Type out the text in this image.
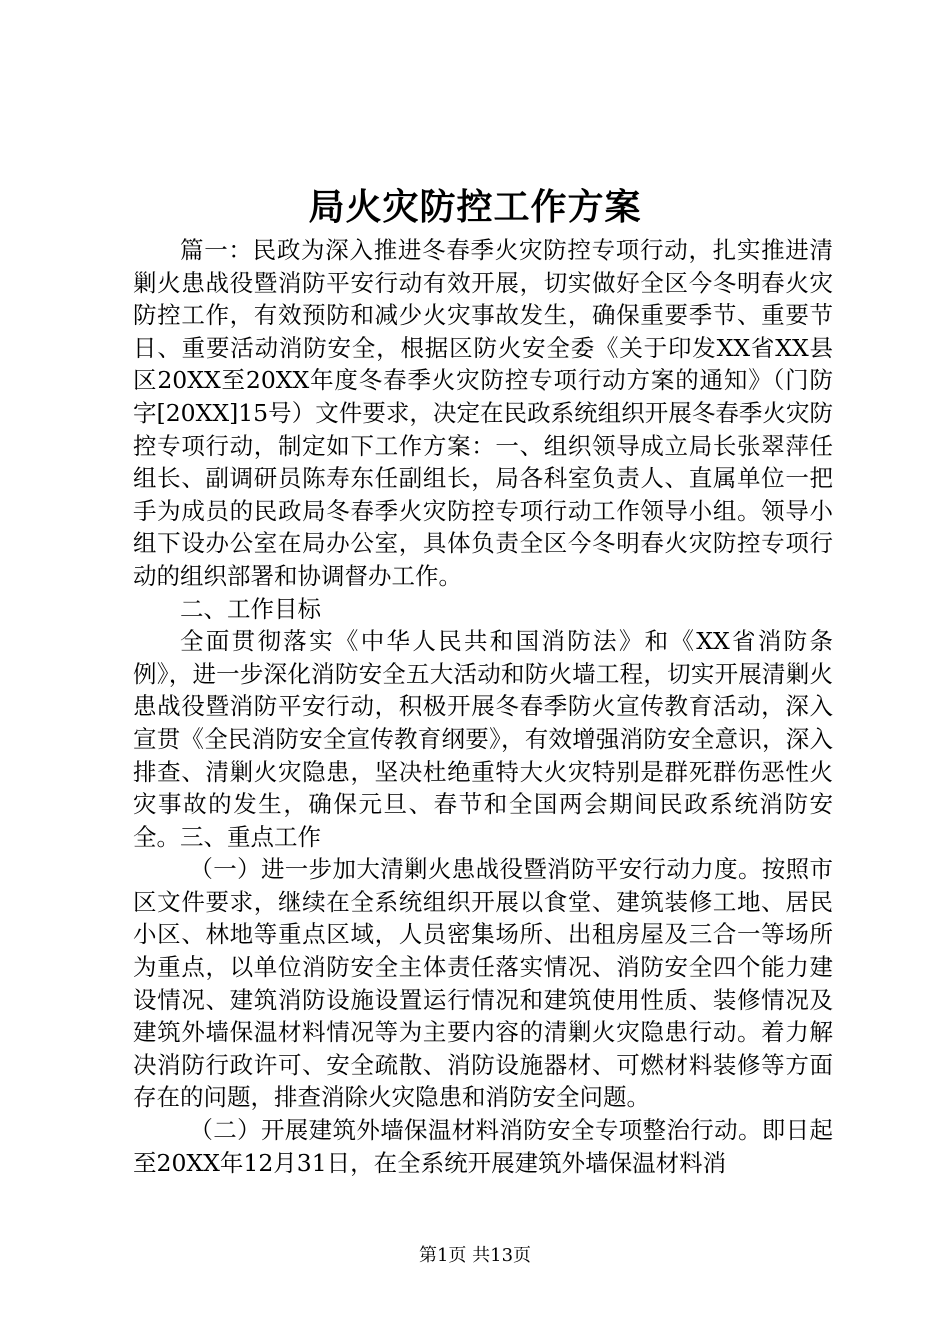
局火灾防控工作方案

篇一：民政为深入推进冬春季火灾防控专项行动，扎实推进清剿火患战役暨消防平安行动有效开展，切实做好全区今冬明春火灾防控工作，有效预防和减少火灾事故发生，确保重要季节、重要节日、重要活动消防安全，根据区防火安全委《关于印发XX省XX县区20XX至20XX年度冬春季火灾防控专项行动方案的通知》（门防字[20XX]15号）文件要求，决定在民政系统组织开展冬春季火灾防控专项行动，制定如下工作方案：一、组织领导成立局长张翠萍任组长、副调研员陈寿东任副组长，局各科室负责人、直属单位一把手为成员的民政局冬春季火灾防控专项行动工作领导小组。领导小组下设办公室在局办公室，具体负责全区今冬明春火灾防控专项行动的组织部署和协调督办工作。

二、工作目标

全面贯彻落实《中华人民共和国消防法》和《XX省消防条例》，进一步深化消防安全五大活动和防火墙工程，切实开展清剿火患战役暨消防平安行动，积极开展冬春季防火宣传教育活动，深入宣贯《全民消防安全宣传教育纲要》，有效增强消防安全意识，深入排查、清剿火灾隐患，坚决杜绝重特大火灾特别是群死群伤恶性火灾事故的发生，确保元旦、春节和全国两会期间民政系统消防安全。三、重点工作

（一）进一步加大清剿火患战役暨消防平安行动力度。按照市区文件要求，继续在全系统组织开展以食堂、建筑装修工地、居民小区、林地等重点区域，人员密集场所、出租房屋及三合一等场所为重点，以单位消防安全主体责任落实情况、消防安全四个能力建设情况、建筑消防设施设置运行情况和建筑使用性质、装修情况及建筑外墙保温材料情况等为主要内容的清剿火灾隐患行动。着力解决消防行政许可、安全疏散、消防设施器材、可燃材料装修等方面存在的问题，排查消除火灾隐患和消防安全问题。

（二）开展建筑外墙保温材料消防安全专项整治行动。即日起至20XX年12月31日，在全系统开展建筑外墙保温材料消

第1页 共13页
